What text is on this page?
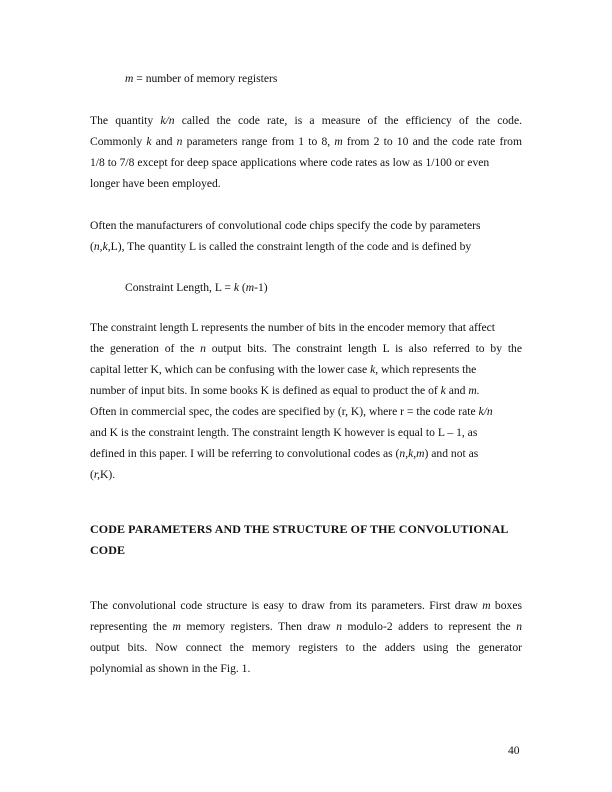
m = number of memory registers
The quantity k/n called the code rate, is a measure of the efficiency of the code.
Commonly k and n parameters range from 1 to 8, m from 2 to 10 and the code rate from
1/8 to 7/8 except for deep space applications where code rates as low as 1/100 or even
longer have been employed.
Often the manufacturers of convolutional code chips specify the code by parameters
(n,k,L), The quantity L is called the constraint length of the code and is defined by
Constraint Length, L = k (m-1)
The constraint length L represents the number of bits in the encoder memory that affect
the generation of the n output bits. The constraint length L is also referred to by the
capital letter K, which can be confusing with the lower case k, which represents the
number of input bits. In some books K is defined as equal to product the of k and m.
Often in commercial spec, the codes are specified by (r, K), where r = the code rate k/n
and K is the constraint length. The constraint length K however is equal to L – 1, as
defined in this paper. I will be referring to convolutional codes as (n,k,m) and not as
(r,K).
CODE PARAMETERS AND THE STRUCTURE OF THE CONVOLUTIONAL
CODE
The convolutional code structure is easy to draw from its parameters. First draw m boxes
representing the m memory registers. Then draw n modulo-2 adders to represent the n
output bits. Now connect the memory registers to the adders using the generator
polynomial as shown in the Fig. 1.
40
